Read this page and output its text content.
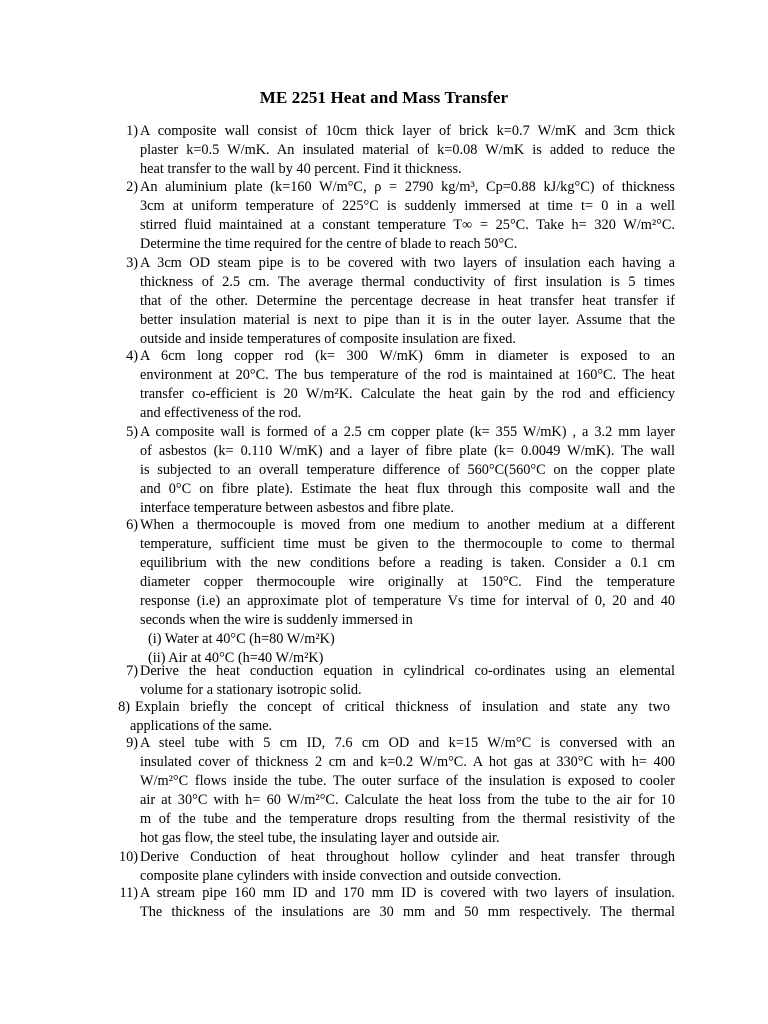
ME 2251 Heat and Mass Transfer
1) A composite wall consist of 10cm thick layer of brick k=0.7 W/mK and 3cm thick
plaster k=0.5 W/mK. An insulated material of k=0.08 W/mK is added to reduce the
heat transfer to the wall by 40 percent. Find it thickness.
2) An aluminium plate (k=160 W/m°C, ρ = 2790 kg/m³, Cp=0.88 kJ/kg°C) of thickness
3cm at uniform temperature of 225°C is suddenly immersed at time t= 0 in a well
stirred fluid maintained at a constant temperature T∞ = 25°C. Take h= 320 W/m²°C.
Determine the time required for the centre of blade to reach 50°C.
3) A 3cm OD steam pipe is to be covered with two layers of insulation each having a
thickness of 2.5 cm. The average thermal conductivity of first insulation is 5 times
that of the other. Determine the percentage decrease in heat transfer heat transfer if
better insulation material is next to pipe than it is in the outer layer. Assume that the
outside and inside temperatures of composite insulation are fixed.
4) A 6cm long copper rod (k= 300 W/mK) 6mm in diameter is exposed to an
environment at 20°C. The bus temperature of the rod is maintained at 160°C. The heat
transfer co-efficient is 20 W/m²K. Calculate the heat gain by the rod and efficiency
and effectiveness of the rod.
5) A composite wall is formed of a 2.5 cm copper plate (k= 355 W/mK) , a 3.2 mm layer
of asbestos (k= 0.110 W/mK) and a layer of fibre plate (k= 0.0049 W/mK). The wall
is subjected to an overall temperature difference of 560°C(560°C on the copper plate
and 0°C on fibre plate). Estimate the heat flux through this composite wall and the
interface temperature between asbestos and fibre plate.
6) When a thermocouple is moved from one medium to another medium at a different
temperature, sufficient time must be given to the thermocouple to come to thermal
equilibrium with the new conditions before a reading is taken. Consider a 0.1 cm
diameter copper thermocouple wire originally at 150°C. Find the temperature
response (i.e) an approximate plot of temperature Vs time for interval of 0, 20 and 40
seconds when the wire is suddenly immersed in
(i) Water at 40°C (h=80 W/m²K)
(ii) Air at 40°C (h=40 W/m²K)
7) Derive the heat conduction equation in cylindrical co-ordinates using an elemental
volume for a stationary isotropic solid.
8) Explain briefly the concept of critical thickness of insulation and state any two
applications of the same.
9) A steel tube with 5 cm ID, 7.6 cm OD and k=15 W/m°C is conversed with an
insulated cover of thickness 2 cm and k=0.2 W/m°C. A hot gas at 330°C with h= 400
W/m²°C flows inside the tube. The outer surface of the insulation is exposed to cooler
air at 30°C with h= 60 W/m²°C. Calculate the heat loss from the tube to the air for 10
m of the tube and the temperature drops resulting from the thermal resistivity of the
hot gas flow, the steel tube, the insulating layer and outside air.
10) Derive Conduction of heat throughout hollow cylinder and heat transfer through
composite plane cylinders with inside convection and outside convection.
11) A stream pipe 160 mm ID and 170 mm ID is covered with two layers of insulation.
The thickness of the insulations are 30 mm and 50 mm respectively. The thermal
